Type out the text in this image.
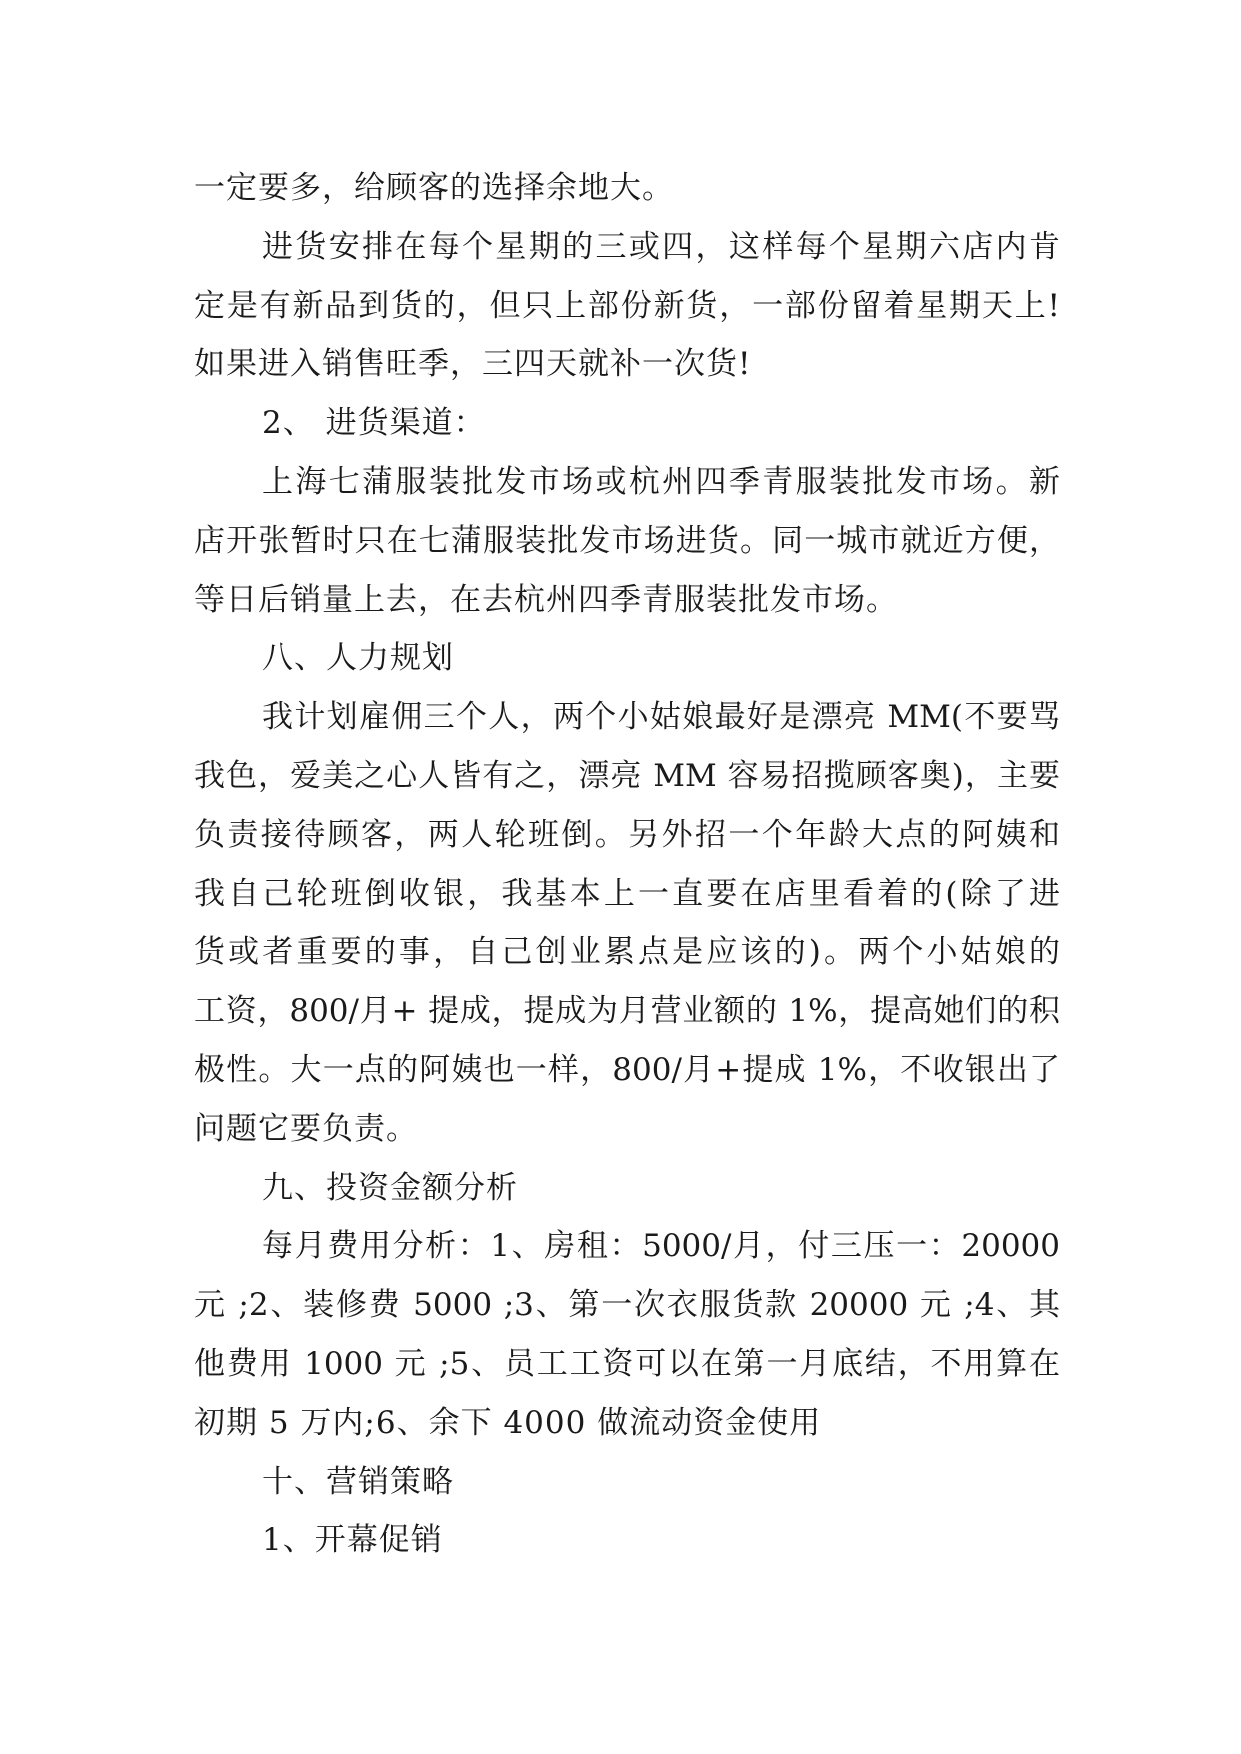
一定要多，给顾客的选择余地大。
进货安排在每个星期的三或四，这样每个星期六店内肯
定是有新品到货的，但只上部份新货，一部份留着星期天上!
如果进入销售旺季，三四天就补一次货!
2、 进货渠道：
上海七蒲服装批发市场或杭州四季青服装批发市场。新
店开张暂时只在七蒲服装批发市场进货。同一城市就近方便，
等日后销量上去，在去杭州四季青服装批发市场。
八、人力规划
我计划雇佣三个人，两个小姑娘最好是漂亮 MM(不要骂
我色，爱美之心人皆有之，漂亮 MM 容易招揽顾客奥)，主要
负责接待顾客，两人轮班倒。另外招一个年龄大点的阿姨和
我自己轮班倒收银，我基本上一直要在店里看着的(除了进
货或者重要的事，自己创业累点是应该的)。两个小姑娘的
工资，800/月+ 提成，提成为月营业额的 1%，提高她们的积
极性。大一点的阿姨也一样，800/月+提成 1%，不收银出了
问题它要负责。
九、投资金额分析
每月费用分析：1、房租：5000/月，付三压一：20000
元 ;2、装修费 5000 ;3、第一次衣服货款 20000 元 ;4、其
他费用 1000 元 ;5、员工工资可以在第一月底结，不用算在
初期 5 万内;6、余下 4000 做流动资金使用
十、营销策略
1、开幕促销
